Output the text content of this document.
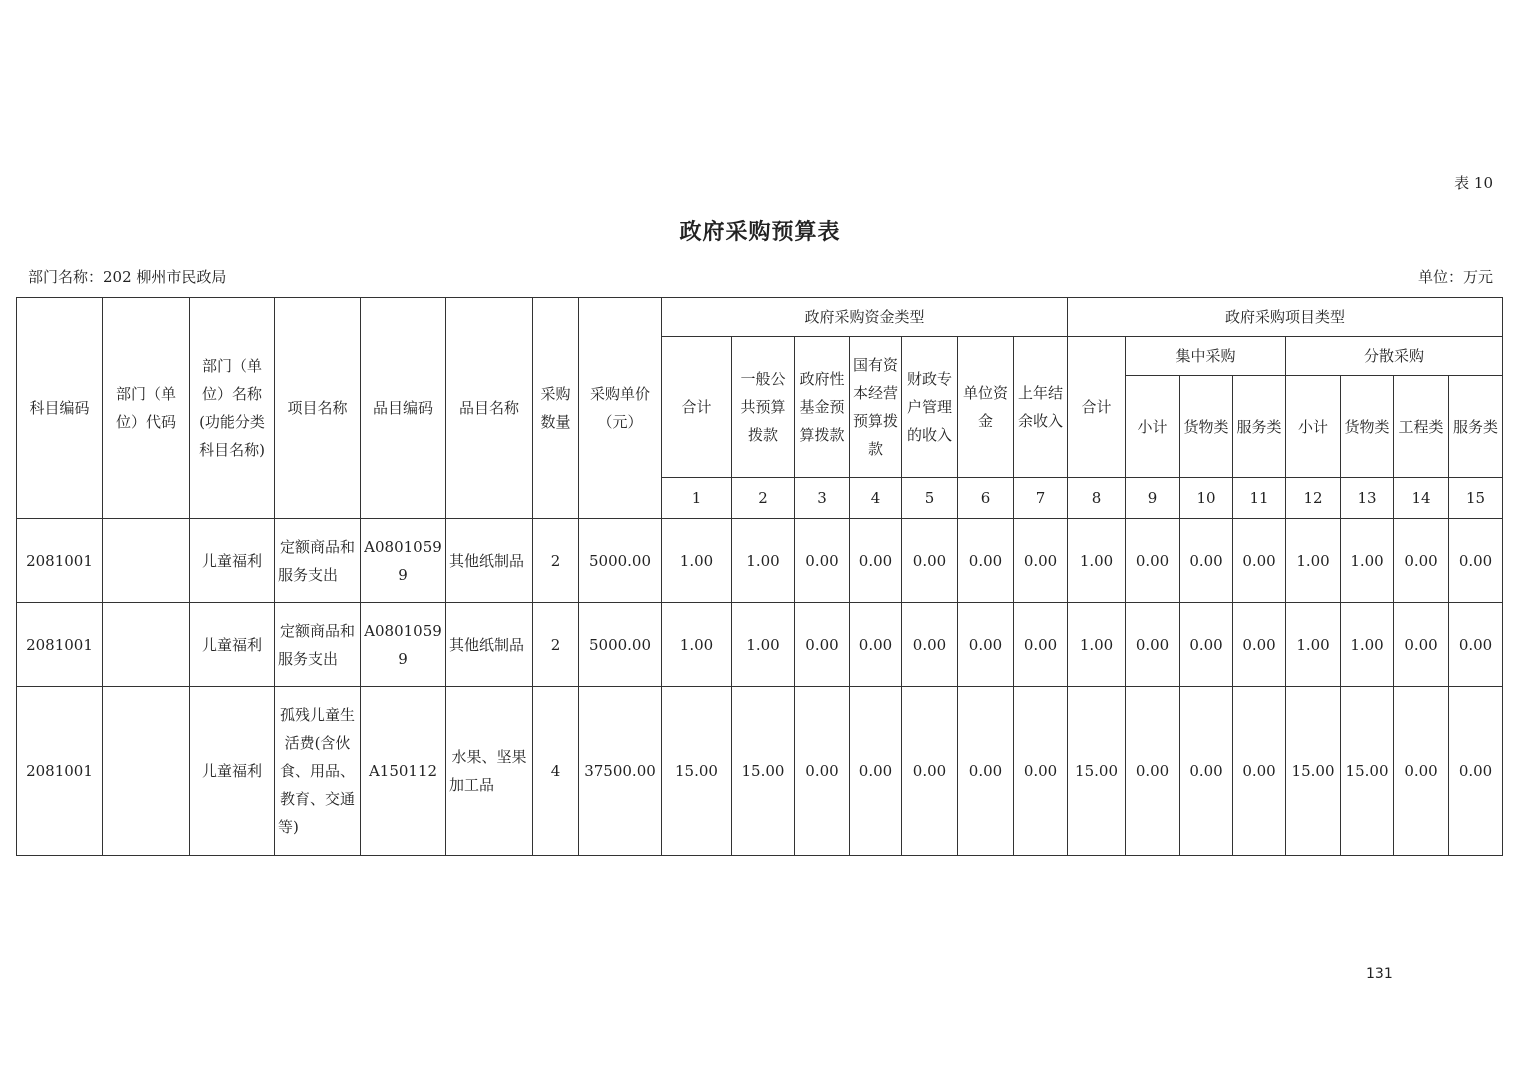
表 10
政府采购预算表
部门名称：202 柳州市民政局	单位：万元
科目编码	部门（单位）代码	部门（单位）名称(功能分类科目名称)	项目名称	品目编码	品目名称	采购数量	采购单价（元）	政府采购资金类型							政府采购项目类型							
								合计	一般公共预算拨款	政府性基金预算拨款	国有资本经营预算拨款	财政专户管理的收入	单位资金	上年结余收入	合计	集中采购			分散采购			
																小计	货物类	服务类	小计	货物类	工程类	服务类
								1	2	3	4	5	6	7	8	9	10	11	12	13	14	15
2081001		儿童福利	定额商品和服务支出	A08010599	其他纸制品	2	5000.00	1.00	1.00	0.00	0.00	0.00	0.00	0.00	1.00	0.00	0.00	0.00	1.00	1.00	0.00	0.00
2081001		儿童福利	定额商品和服务支出	A08010599	其他纸制品	2	5000.00	1.00	1.00	0.00	0.00	0.00	0.00	0.00	1.00	0.00	0.00	0.00	1.00	1.00	0.00	0.00
2081001		儿童福利	孤残儿童生活费(含伙食、用品、教育、交通等)	A150112	水果、坚果加工品	4	37500.00	15.00	15.00	0.00	0.00	0.00	0.00	0.00	15.00	0.00	0.00	0.00	15.00	15.00	0.00	0.00
131
